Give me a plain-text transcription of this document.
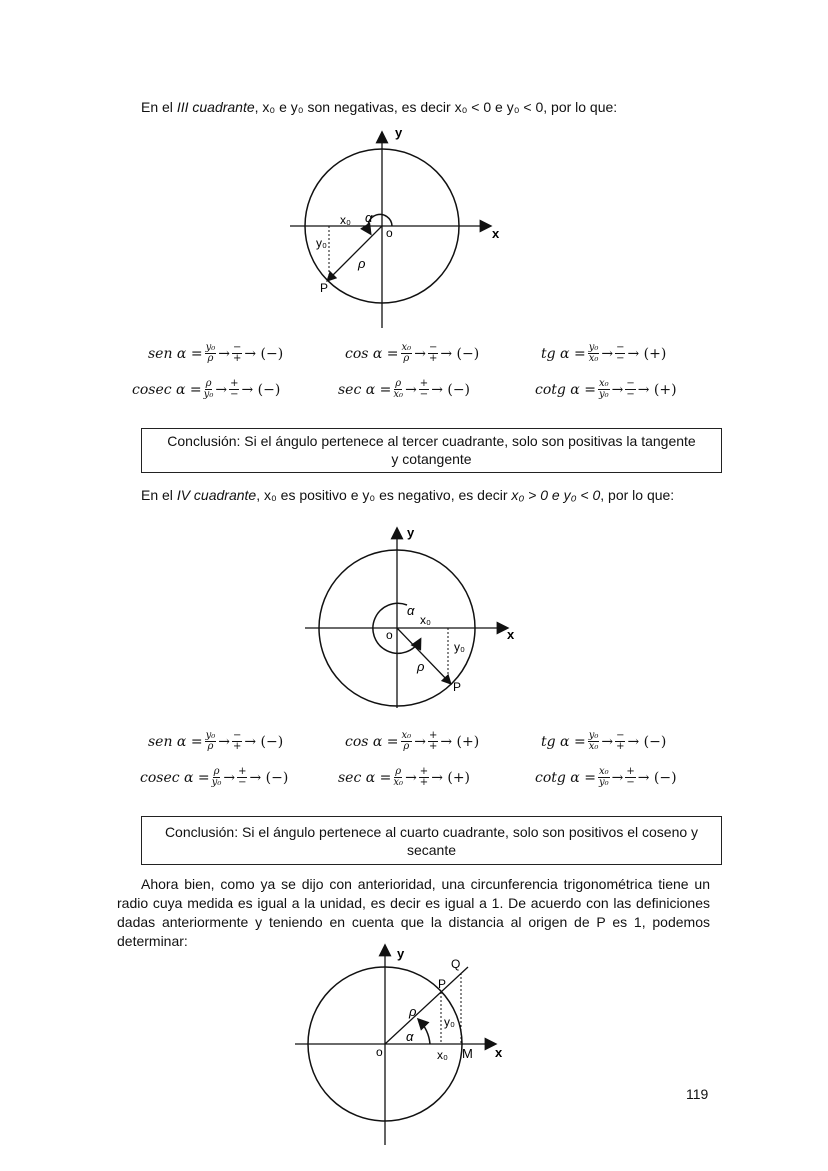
En el III cuadrante, x₀ e y₀ son negativas, es decir x₀ < 0 e y₀ < 0, por lo que:
y
x
x₀
y₀
o
α
ρ
P
sen $\alpha = \frac{\text{y₀}}{\rho} \to \frac{-}{+}$ → (−)	$\cos \alpha = \frac{\text{x₀}}{\rho} \to \frac{-}{+}$ → (−)	tg $\alpha = \frac{\text{y₀}}{\text{x₀}} \to \frac{-}{-}$ → (+)
cosec $\alpha = \frac{\rho}{\text{y₀}} \to \frac{+}{-}$ → (−)	$\sec \alpha = \frac{\rho}{\text{x₀}} \to \frac{+}{-}$ → (−)	cotg $\alpha = \frac{\text{x₀}}{\text{y₀}} \to \frac{-}{-}$ → (+)
Conclusión: Si el ángulo pertenece al tercer cuadrante, solo son positivas la tangente y cotangente
En el IV cuadrante, x₀ es positivo e y₀ es negativo, es decir x₀ > 0 e y₀ < 0, por lo que:
y
x
x₀
y₀
o
α
ρ
P
sen $\alpha = \frac{\text{y₀}}{\rho} \to \frac{-}{+}$ → (−)	$\cos \alpha = \frac{\text{x₀}}{\rho} \to \frac{+}{+}$ → (+)	tg $\alpha = \frac{\text{y₀}}{\text{x₀}} \to \frac{-}{+}$ → (−)
cosec $\alpha = \frac{\rho}{\text{y₀}} \to \frac{+}{-}$ → (−)	$\sec \alpha = \frac{\rho}{\text{x₀}} \to \frac{+}{+}$ → (+)	cotg $\alpha = \frac{\text{x₀}}{\text{y₀}} \to \frac{+}{-}$ → (−)
Conclusión: Si el ángulo pertenece al cuarto cuadrante, solo son positivos el coseno y secante
Ahora bien, como ya se dijo con anterioridad, una circunferencia trigonométrica tiene un radio cuya medida es igual a la unidad, es decir es igual a 1. De acuerdo con las definiciones dadas anteriormente y teniendo en cuenta que la distancia al origen de P es 1, podemos determinar:
y
x
x₀
y₀
o
α
ρ
P
Q
M
119
